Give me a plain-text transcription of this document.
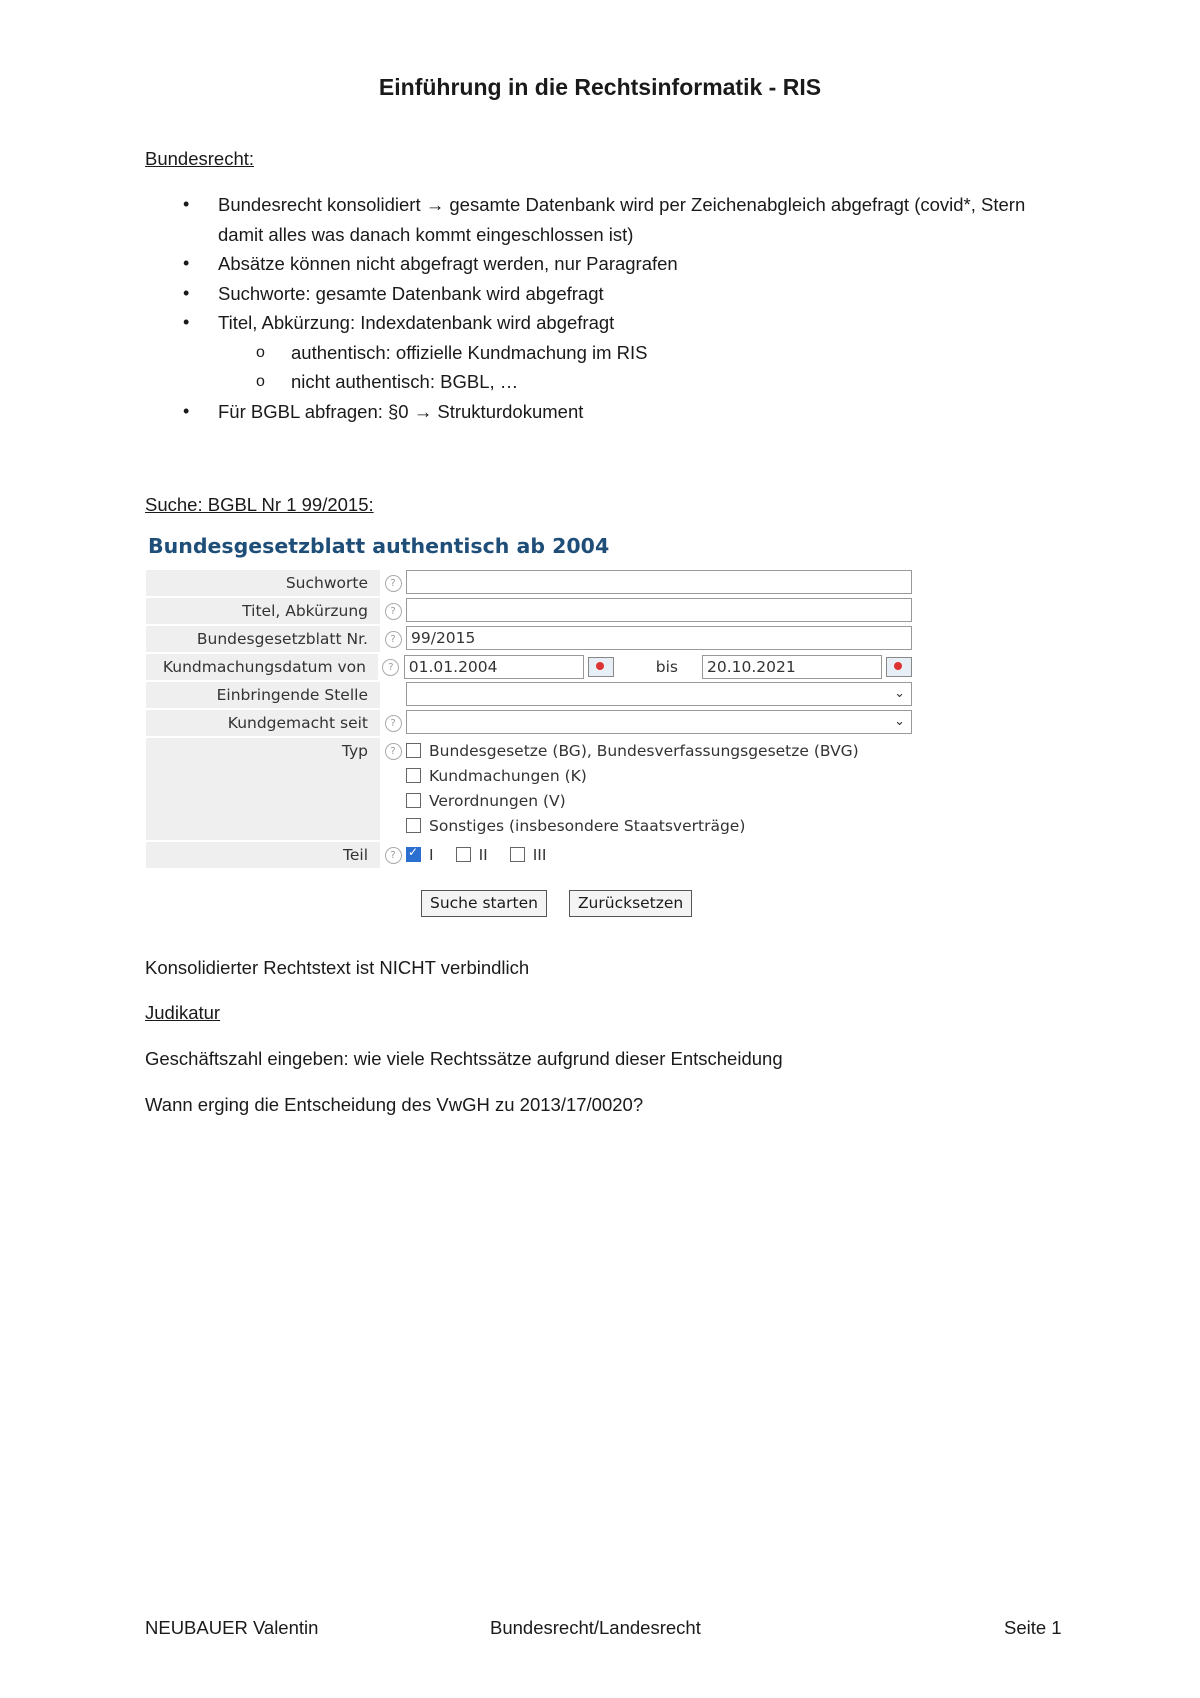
Einführung in die Rechtsinformatik - RIS
Bundesrecht:
• Bundesrecht konsolidiert → gesamte Datenbank wird per Zeichenabgleich abgefragt (covid*, Stern damit alles was danach kommt eingeschlossen ist)
• Absätze können nicht abgefragt werden, nur Paragrafen
• Suchworte: gesamte Datenbank wird abgefragt
• Titel, Abkürzung: Indexdatenbank wird abgefragt
o authentisch: offizielle Kundmachung im RIS
o nicht authentisch: BGBL, …
• Für BGBL abfragen: §0 → Strukturdokument
Suche: BGBL Nr 1 99/2015:
Bundesgesetzblatt authentisch ab 2004
Suchworte	?
Titel, Abkürzung	?
Bundesgesetzblatt Nr.	? 99/2015
Kundmachungsdatum von	? 01.01.2004	bis	20.10.2021
Einbringende Stelle	⌄
Kundgemacht seit	?	⌄
Typ	?	Bundesgesetze (BG), Bundesverfassungsgesetze (BVG)
Kundmachungen (K)
Verordnungen (V)
Sonstiges (insbesondere Staatsverträge)
Teil	?
✓	I	II	III
Suche starten	Zurücksetzen
Konsolidierter Rechtstext ist NICHT verbindlich
Judikatur
Geschäftszahl eingeben: wie viele Rechtssätze aufgrund dieser Entscheidung
Wann erging die Entscheidung des VwGH zu 2013/17/0020?
NEUBAUER Valentin	Bundesrecht/Landesrecht	Seite 1
